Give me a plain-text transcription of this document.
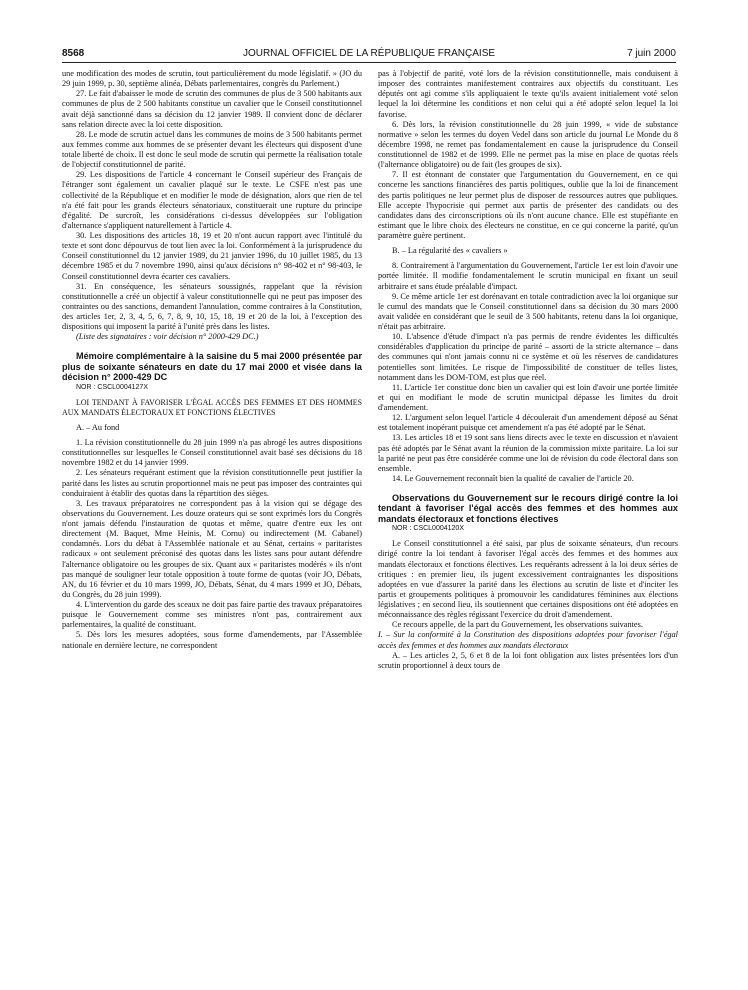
8568	JOURNAL OFFICIEL DE LA RÉPUBLIQUE FRANÇAISE	7 juin 2000

une modification des modes de scrutin, tout particulièrement du mode législatif. » (JO du 29 juin 1999, p. 30, septième alinéa, Débats parlementaires, congrès du Parlement.)

27. Le fait d'abaisser le mode de scrutin des communes de plus de 3 500 habitants aux communes de plus de 2 500 habitants constitue un cavalier que le Conseil constitutionnel avait déjà sanctionné dans sa décision du 12 janvier 1989. Il convient donc de déclarer sans relation directe avec la loi cette disposition.

28. Le mode de scrutin actuel dans les communes de moins de 3 500 habitants permet aux femmes comme aux hommes de se présenter devant les électeurs qui disposent d'une totale liberté de choix. Il est donc le seul mode de scrutin qui permette la réalisation totale de l'objectif constitutionnel de parité.

29. Les dispositions de l'article 4 concernant le Conseil supérieur des Français de l'étranger sont également un cavalier plaqué sur le texte. Le CSFE n'est pas une collectivité de la République et en modifier le mode de désignation, alors que rien de tel n'a été fait pour les grands électeurs sénatoriaux, constituerait une rupture du principe d'égalité. De surcroît, les considérations ci-dessus développées sur l'obligation d'alternance s'appliquent naturellement à l'article 4.

30. Les dispositions des articles 18, 19 et 20 n'ont aucun rapport avec l'intitulé du texte et sont donc dépourvus de tout lien avec la loi. Conformément à la jurisprudence du Conseil constitutionnel du 12 janvier 1989, du 21 janvier 1996, du 10 juillet 1985, du 13 décembre 1985 et du 7 novembre 1990, ainsi qu'aux décisions n° 98-402 et n° 98-403, le Conseil constitutionnel devra écarter ces cavaliers.

31. En conséquence, les sénateurs soussignés, rappelant que la révision constitutionnelle a créé un objectif à valeur constitutionnelle qui ne peut pas imposer des contraintes ou des sanctions, demandent l'annulation, comme contraires à la Constitution, des articles 1er, 2, 3, 4, 5, 6, 7, 8, 9, 10, 15, 18, 19 et 20 de la loi, à l'exception des dispositions qui imposent la parité à l'unité près dans les listes.

(Liste des signataires : voir décision n° 2000-429 DC.)

Mémoire complémentaire à la saisine du 5 mai 2000 présentée par plus de soixante sénateurs en date du 17 mai 2000 et visée dans la décision n° 2000-429 DC

NOR : CSCL0004127X

LOI TENDANT À FAVORISER L'ÉGAL ACCÈS DES FEMMES ET DES HOMMES AUX MANDATS ÉLECTORAUX ET FONCTIONS ÉLECTIVES

A. – Au fond

1. La révision constitutionnelle du 28 juin 1999 n'a pas abrogé les autres dispositions constitutionnelles sur lesquelles le Conseil constitutionnel avait basé ses décisions du 18 novembre 1982 et du 14 janvier 1999.

2. Les sénateurs requérant estiment que la révision constitutionnelle peut justifier la parité dans les listes au scrutin proportionnel mais ne peut pas imposer des contraintes qui conduiraient à établir des quotas dans la répartition des sièges.

3. Les travaux préparatoires ne correspondent pas à la vision qui se dégage des observations du Gouvernement. Les douze orateurs qui se sont exprimés lors du Congrès n'ont jamais défendu l'instauration de quotas et même, quatre d'entre eux les ont directement (M. Baquet, Mme Heinis, M. Cornu) ou indirectement (M. Cabanel) condamnés. Lors du débat à l'Assemblée nationale et au Sénat, certains « paritaristes radicaux » ont seulement préconisé des quotas dans les listes sans pour autant défendre l'alternance obligatoire ou les groupes de six. Quant aux « paritaristes modérés » ils n'ont pas manqué de souligner leur totale opposition à toute forme de quotas (voir JO, Débats, AN, du 16 février et du 10 mars 1999, JO, Débats, Sénat, du 4 mars 1999 et JO, Débats, du Congrès, du 28 juin 1999).

4. L'intervention du garde des sceaux ne doit pas faire partie des travaux préparatoires puisque le Gouvernement comme ses ministres n'ont pas, contrairement aux parlementaires, la qualité de constituant.

5. Dès lors les mesures adoptées, sous forme d'amendements, par l'Assemblée nationale en dernière lecture, ne correspondent

pas à l'objectif de parité, voté lors de la révision constitutionnelle, mais conduisent à imposer des contraintes manifestement contraires aux objectifs du constituant. Les députés ont agi comme s'ils appliquaient le texte qu'ils avaient initialement voté selon lequel la loi détermine les conditions et non celui qui a été adopté selon lequel la loi favorise.

6. Dès lors, la révision constitutionnelle du 28 juin 1999, « vide de substance normative » selon les termes du doyen Vedel dans son article du journal Le Monde du 8 décembre 1998, ne remet pas fondamentalement en cause la jurisprudence du Conseil constitutionnel de 1982 et de 1999. Elle ne permet pas la mise en place de quotas réels (l'alternance obligatoire) ou de fait (les groupes de six).

7. Il est étonnant de constater que l'argumentation du Gouvernement, en ce qui concerne les sanctions financières des partis politiques, oublie que la loi de financement des partis politiques ne leur permet plus de disposer de ressources autres que publiques. Elle accepte l'hypocrisie qui permet aux partis de présenter des candidats ou des candidates dans des circonscriptions où ils n'ont aucune chance. Elle est stupéfiante en estimant que le libre choix des électeurs ne constitue, en ce qui concerne la parité, qu'un paramètre guère pertinent.

B. – La régularité des « cavaliers »

8. Contrairement à l'argumentation du Gouvernement, l'article 1er est loin d'avoir une portée limitée. Il modifie fondamentalement le scrutin municipal en fixant un seuil arbitraire et sans étude préalable d'impact.

9. Ce même article 1er est dorénavant en totale contradiction avec la loi organique sur le cumul des mandats que le Conseil constitutionnel dans sa décision du 30 mars 2000 avait validée en considérant que le seuil de 3 500 habitants, retenu dans la loi organique, n'était pas arbitraire.

10. L'absence d'étude d'impact n'a pas permis de rendre évidentes les difficultés considérables d'application du principe de parité – assorti de la stricte alternance – dans des communes qui n'ont jamais connu ni ce système et où les réserves de candidatures potentielles sont limitées. Le risque de l'impossibilité de constituer de telles listes, notamment dans les DOM-TOM, est plus que réel.

11. L'article 1er constitue donc bien un cavalier qui est loin d'avoir une portée limitée et qui en modifiant le mode de scrutin municipal dépasse les limites du droit d'amendement.

12. L'argument selon lequel l'article 4 découlerait d'un amendement déposé au Sénat est totalement inopérant puisque cet amendement n'a pas été adopté par le Sénat.

13. Les articles 18 et 19 sont sans liens directs avec le texte en discussion et n'avaient pas été adoptés par le Sénat avant la réunion de la commission mixte paritaire. La loi sur la parité ne peut pas être considérée comme une loi de révision du code électoral dans son ensemble.

14. Le Gouvernement reconnaît bien la qualité de cavalier de l'article 20.

Observations du Gouvernement sur le recours dirigé contre la loi tendant à favoriser l'égal accès des femmes et des hommes aux mandats électoraux et fonctions électives

NOR : CSCL0004120X

Le Conseil constitutionnel a été saisi, par plus de soixante sénateurs, d'un recours dirigé contre la loi tendant à favoriser l'égal accès des femmes et des hommes aux mandats électoraux et fonctions électives. Les requérants adressent à la loi deux séries de critiques : en premier lieu, ils jugent excessivement contraignantes les dispositions adoptées en vue d'assurer la parité dans les élections au scrutin de liste et d'inciter les partis et groupements politiques à promouvoir les candidatures féminines aux élections législatives ; en second lieu, ils soutiennent que certaines dispositions ont été adoptées en méconnaissance des règles régissant l'exercice du droit d'amendement.

Ce recours appelle, de la part du Gouvernement, les observations suivantes.

I. – Sur la conformité à la Constitution des dispositions adoptées pour favoriser l'égal accès des femmes et des hommes aux mandats électoraux

A. – Les articles 2, 5, 6 et 8 de la loi font obligation aux listes présentées lors d'un scrutin proportionnel à deux tours de
